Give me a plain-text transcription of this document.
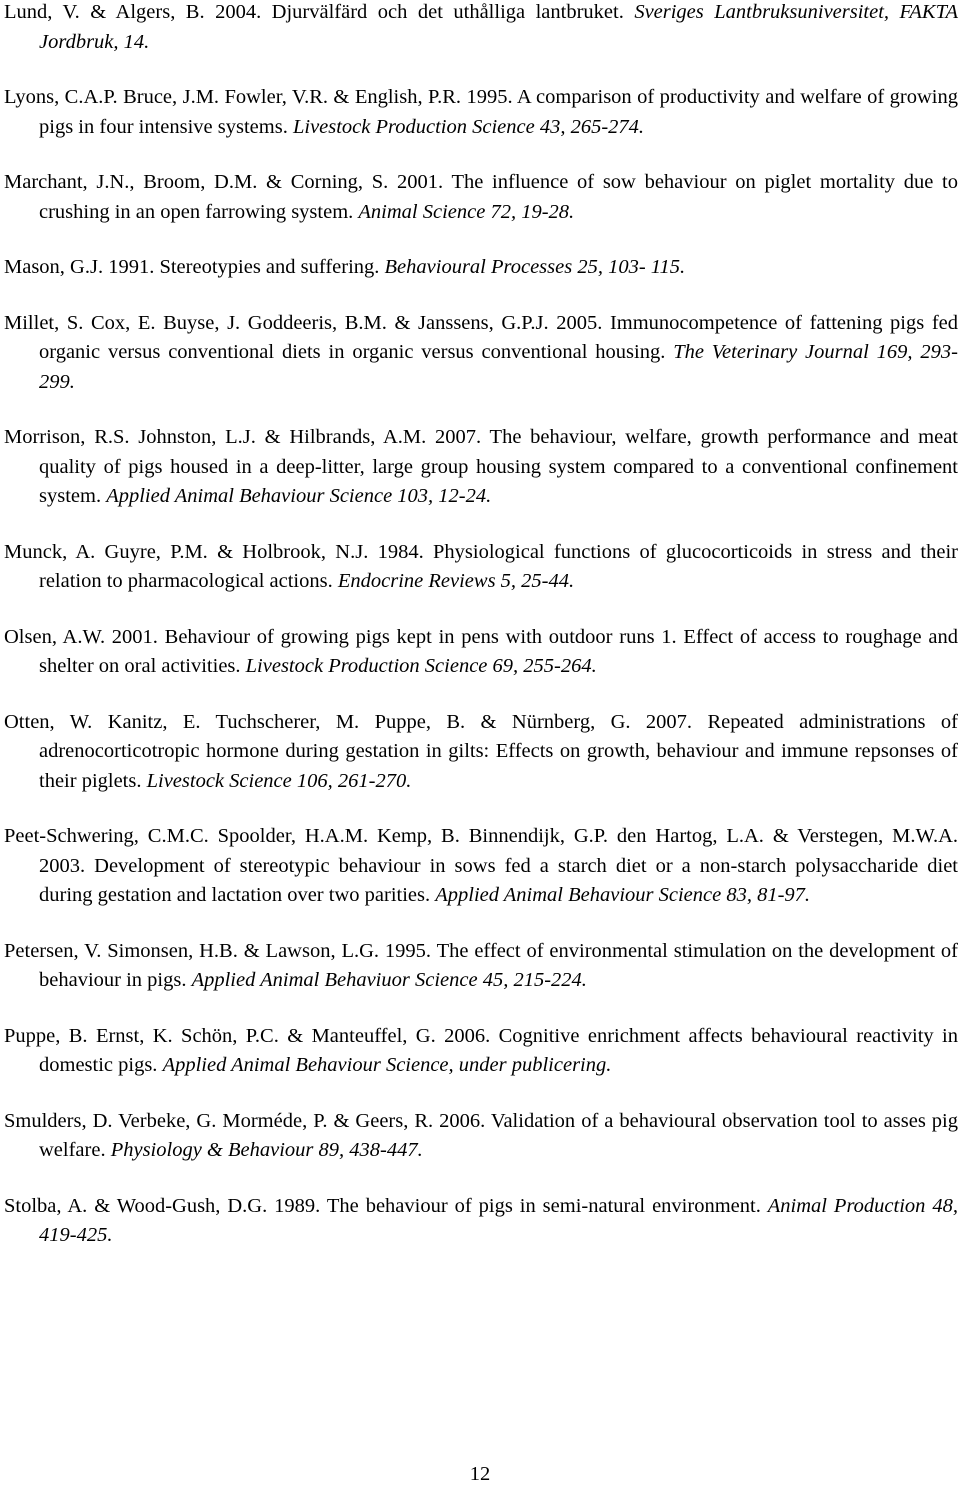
Lund, V. & Algers, B. 2004. Djurvälfärd och det uthålliga lantbruket. Sveriges Lantbruksuniversitet, FAKTA Jordbruk, 14.

Lyons, C.A.P. Bruce, J.M. Fowler, V.R. & English, P.R. 1995. A comparison of productivity and welfare of growing pigs in four intensive systems. Livestock Production Science 43, 265-274.

Marchant, J.N., Broom, D.M. & Corning, S. 2001. The influence of sow behaviour on piglet mortality due to crushing in an open farrowing system. Animal Science 72, 19-28.

Mason, G.J. 1991. Stereotypies and suffering. Behavioural Processes 25, 103- 115.

Millet, S. Cox, E. Buyse, J. Goddeeris, B.M. & Janssens, G.P.J. 2005. Immunocompetence of fattening pigs fed organic versus conventional diets in organic versus conventional housing. The Veterinary Journal 169, 293-299.

Morrison, R.S. Johnston, L.J. & Hilbrands, A.M. 2007. The behaviour, welfare, growth performance and meat quality of pigs housed in a deep-litter, large group housing system compared to a conventional confinement system. Applied Animal Behaviour Science 103, 12-24.

Munck, A. Guyre, P.M. & Holbrook, N.J. 1984. Physiological functions of glucocorticoids in stress and their relation to pharmacological actions. Endocrine Reviews 5, 25-44.

Olsen, A.W. 2001. Behaviour of growing pigs kept in pens with outdoor runs 1. Effect of access to roughage and shelter on oral activities. Livestock Production Science 69, 255-264.

Otten, W. Kanitz, E. Tuchscherer, M. Puppe, B. & Nürnberg, G. 2007. Repeated administrations of adrenocorticotropic hormone during gestation in gilts: Effects on growth, behaviour and immune repsonses of their piglets. Livestock Science 106, 261-270.

Peet-Schwering, C.M.C. Spoolder, H.A.M. Kemp, B. Binnendijk, G.P. den Hartog, L.A. & Verstegen, M.W.A. 2003. Development of stereotypic behaviour in sows fed a starch diet or a non-starch polysaccharide diet during gestation and lactation over two parities. Applied Animal Behaviour Science 83, 81-97.

Petersen, V. Simonsen, H.B. & Lawson, L.G. 1995. The effect of environmental stimulation on the development of behaviour in pigs. Applied Animal Behaviuor Science 45, 215-224.

Puppe, B. Ernst, K. Schön, P.C. & Manteuffel, G. 2006. Cognitive enrichment affects behavioural reactivity in domestic pigs. Applied Animal Behaviour Science, under publicering.

Smulders, D. Verbeke, G. Morméde, P. & Geers, R. 2006. Validation of a behavioural observation tool to asses pig welfare. Physiology & Behaviour 89, 438-447.

Stolba, A. & Wood-Gush, D.G. 1989. The behaviour of pigs in semi-natural environment. Animal Production 48, 419-425.

12
